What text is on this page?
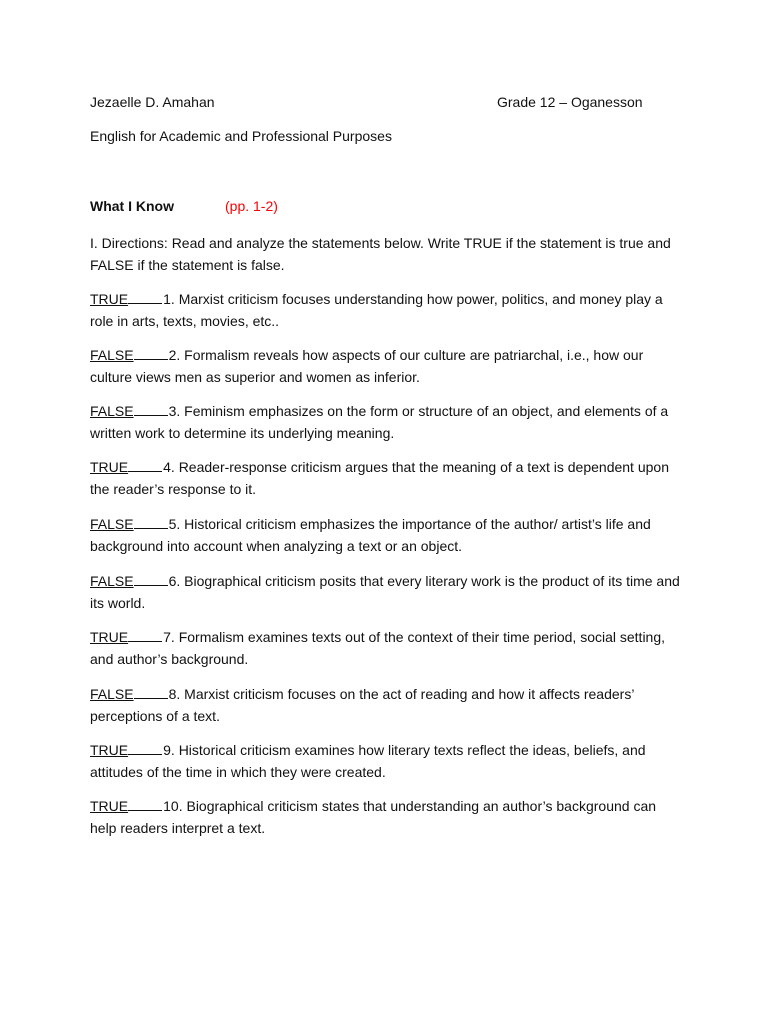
Jezaelle D. Amahan	Grade 12 – Oganesson
English for Academic and Professional Purposes
What I Know	(pp. 1-2)
I. Directions: Read and analyze the statements below. Write TRUE if the statement is true and FALSE if the statement is false.
TRUE	1. Marxist criticism focuses understanding how power, politics, and money play a role in arts, texts, movies, etc..
FALSE	2. Formalism reveals how aspects of our culture are patriarchal, i.e., how our culture views men as superior and women as inferior.
FALSE	3. Feminism emphasizes on the form or structure of an object, and elements of a written work to determine its underlying meaning.
TRUE	4. Reader-response criticism argues that the meaning of a text is dependent upon the reader’s response to it.
FALSE	5. Historical criticism emphasizes the importance of the author/ artist’s life and background into account when analyzing a text or an object.
FALSE	6. Biographical criticism posits that every literary work is the product of its time and its world.
TRUE	7. Formalism examines texts out of the context of their time period, social setting, and author’s background.
FALSE	8. Marxist criticism focuses on the act of reading and how it affects readers’ perceptions of a text.
TRUE	9. Historical criticism examines how literary texts reflect the ideas, beliefs, and attitudes of the time in which they were created.
TRUE	10. Biographical criticism states that understanding an author’s background can help readers interpret a text.
